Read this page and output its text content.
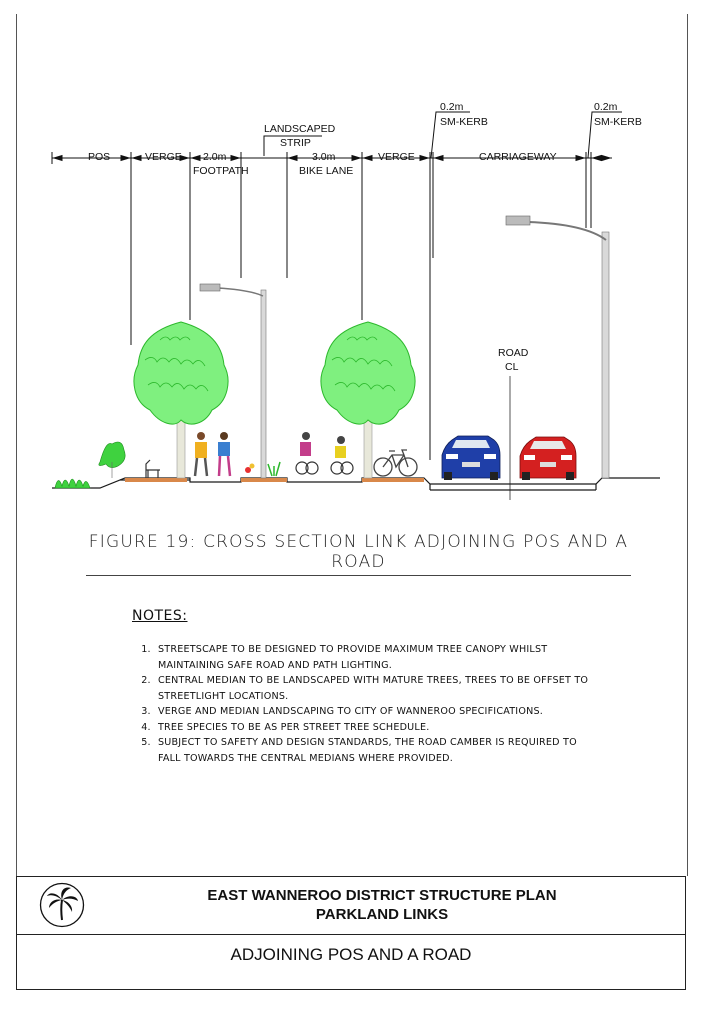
POS	VERGE 2.0m
FOOTPATH
LANDSCAPED
STRIP
3.0m
BIKE LANE
VERGE	CARRIAGEWAY
0.2m
SM-KERB
0.2m
SM-KERB
ROAD
CL
FIGURE 19: CROSS SECTION LINK ADJOINING POS AND A ROAD
NOTES:
1. STREETSCAPE TO BE DESIGNED TO PROVIDE MAXIMUM TREE CANOPY WHILST MAINTAINING SAFE ROAD AND PATH LIGHTING.
2. CENTRAL MEDIAN TO BE LANDSCAPED WITH MATURE TREES, TREES TO BE OFFSET TO STREETLIGHT LOCATIONS.
3. VERGE AND MEDIAN LANDSCAPING TO CITY OF WANNEROO SPECIFICATIONS.
4. TREE SPECIES TO BE AS PER STREET TREE SCHEDULE.
5. SUBJECT TO SAFETY AND DESIGN STANDARDS, THE ROAD CAMBER IS REQUIRED TO FALL TOWARDS THE CENTRAL MEDIANS WHERE PROVIDED.
EAST WANNEROO DISTRICT STRUCTURE PLAN
PARKLAND LINKS
ADJOINING POS AND A ROAD
